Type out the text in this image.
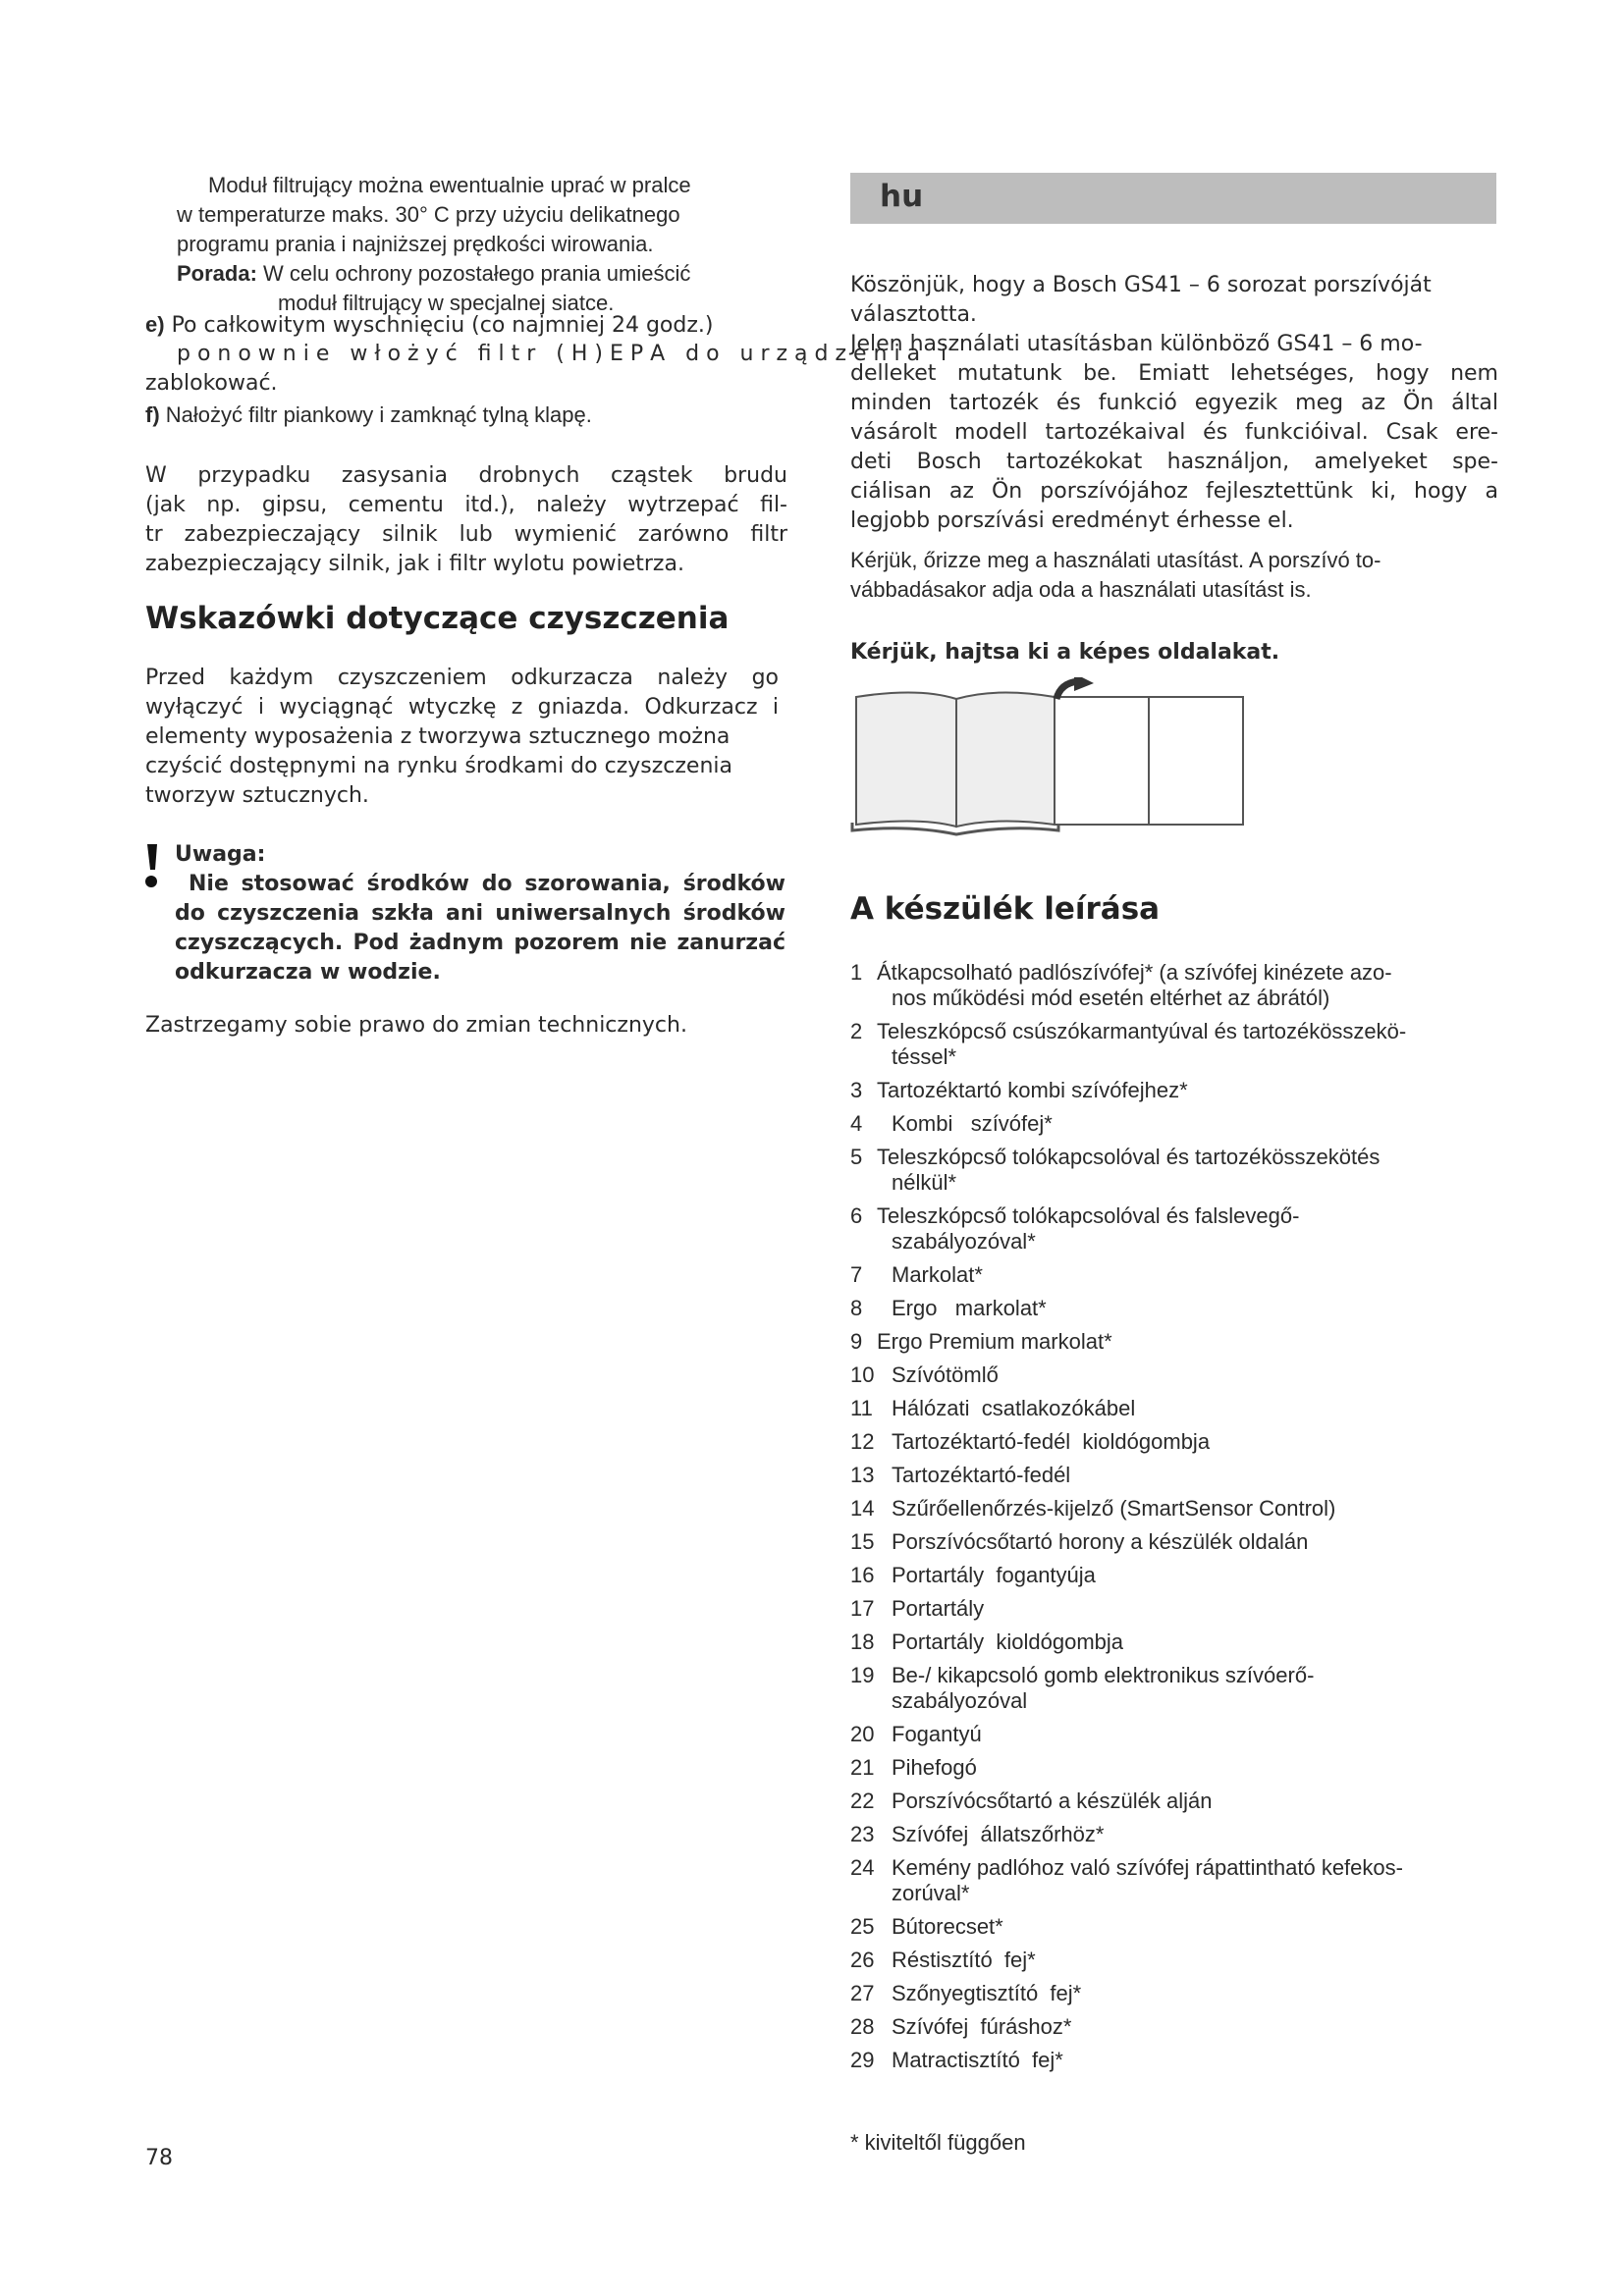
Moduł filtrujący można ewentualnie uprać w pralce

w temperaturze maks. 30° C przy użyciu delikatnego

programu prania i najniższej prędkości wirowania.

Porada: W celu ochrony pozostałego prania umieścić
moduł filtrujący w specjalnej siatce.
e) Po całkowitym wyschnięciu (co najmniej 24 godz.)
p o n o w n i e   w ł o ż y ć   fi l t r   ( H ) E P A   d o   u r z ą d z e n i a   i
zablokować.
f) Nałożyć filtr piankowy i zamknąć tylną klapę.

W przypadku zasysania drobnych cząstek brudu

(jak np. gipsu, cementu itd.), należy wytrzepać fil-

tr zabezpieczający silnik lub wymienić zarówno filtr

zabezpieczający silnik, jak i filtr wylotu powietrza.

Wskazówki dotyczące czyszczenia

Przed każdym czyszczeniem odkurzacza należy go

wyłączyć i wyciągnąć wtyczkę z gniazda. Odkurzacz i

elementy wyposażenia z tworzywa sztucznego można

czyścić dostępnymi na rynku środkami do czyszczenia

tworzyw sztucznych.

Uwaga:

Nie stosować środków do szorowania, środków

do czyszczenia szkła ani uniwersalnych środków

czyszczących. Pod żadnym pozorem nie zanurzać

odkurzacza w wodzie.

Zastrzegamy sobie prawo do zmian technicznych.
hu

Köszönjük, hogy a Bosch GS41 – 6 sorozat porszívóját

választotta.

Jelen használati utasításban különböző GS41 – 6 mo-

delleket mutatunk be. Emiatt lehetséges, hogy nem

minden tartozék és funkció egyezik meg az Ön által

vásárolt modell tartozékaival és funkcióival. Csak ere-

deti Bosch tartozékokat használjon, amelyeket spe-

ciálisan az Ön porszívójához fejlesztettünk ki, hogy a

legjobb porszívási eredményt érhesse el.

Kérjük, őrizze meg a használati utasítást. A porszívó to-

vábbadásakor adja oda a használati utasítást is.

Kérjük, hajtsa ki a képes oldalakat.
A készülék leírása
1 Átkapcsolható padlószívófej* (a szívófej kinézete azo-
nos működési mód esetén eltérhet az ábrától)
2 Teleszkópcső csúszókarmantyúval és tartozékösszekö-
téssel*
3 Tartozéktartó kombi szívófejhez*
4 Kombi   szívófej*
5 Teleszkópcső tolókapcsolóval és tartozékösszekötés
nélkül*
6 Teleszkópcső tolókapcsolóval és falslevegő-
szabályozóval*
7 Markolat*
8 Ergo   markolat*
9 Ergo Premium markolat*
10 Szívótömlő
11 Hálózati  csatlakozókábel
12 Tartozéktartó-fedél  kioldógombja
13 Tartozéktartó-fedél
14 Szűrőellenőrzés-kijelző (SmartSensor Control)
15 Porszívócsőtartó horony a készülék oldalán
16 Portartály  fogantyúja
17 Portartály
18 Portartály  kioldógombja
19 Be-/ kikapcsoló gomb elektronikus szívóerő-
szabályozóval
20 Fogantyú
21 Pihefogó
22 Porszívócsőtartó a készülék alján
23 Szívófej  állatszőrhöz*
24 Kemény padlóhoz való szívófej rápattintható kefekos-
zorúval*
25 Bútorecset*
26 Réstisztító  fej*
27 Szőnyegtisztító  fej*
28 Szívófej  fúráshoz*
29 Matractisztító  fej*
* kiviteltől függően
78
